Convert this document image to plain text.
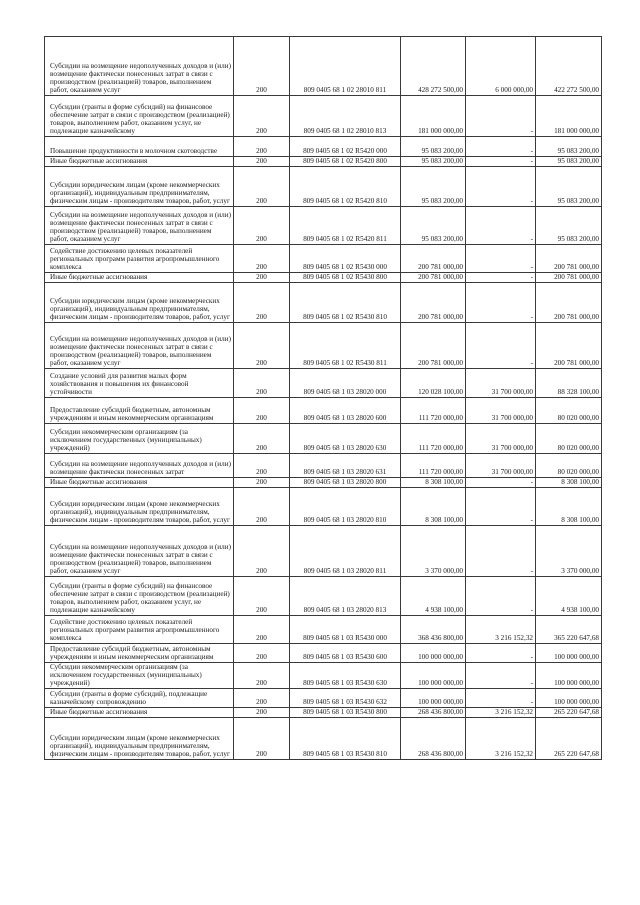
Субсидии на возмещение недополученных доходов и (или) возмещение фактически понесенных затрат в связи с производством (реализацией) товаров, выполнением работ, оказанием услуг	200	809 0405 68 1 02 28010 811	428 272 500,00	6 000 000,00	422 272 500,00
Субсидии (гранты в форме субсидий) на финансовое обеспечение затрат в связи с производством (реализацией) товаров, выполнением работ, оказанием услуг, не подлежащие казначейскому	200	809 0405 68 1 02 28010 813	181 000 000,00	-	181 000 000,00
Повышение продуктивности в молочном скотоводстве	200	809 0405 68 1 02 R5420 000	95 083 200,00	-	95 083 200,00
Иные бюджетные ассигнования	200	809 0405 68 1 02 R5420 800	95 083 200,00	-	95 083 200,00
Субсидии юридическим лицам (кроме некоммерческих организаций), индивидуальным предпринимателям, физическим лицам - производителям товаров, работ, услуг	200	809 0405 68 1 02 R5420 810	95 083 200,00	-	95 083 200,00
Субсидии на возмещение недополученных доходов и (или) возмещение фактически понесенных затрат в связи с производством (реализацией) товаров, выполнением работ, оказанием услуг	200	809 0405 68 1 02 R5420 811	95 083 200,00	-	95 083 200,00
Содействие достижению целевых показателей региональных программ развития агропромышленного комплекса	200	809 0405 68 1 02 R5430 000	200 781 000,00	-	200 781 000,00
Иные бюджетные ассигнования	200	809 0405 68 1 02 R5430 800	200 781 000,00	-	200 781 000,00
Субсидии юридическим лицам (кроме некоммерческих организаций), индивидуальным предпринимателям, физическим лицам - производителям товаров, работ, услуг	200	809 0405 68 1 02 R5430 810	200 781 000,00	-	200 781 000,00
Субсидии на возмещение недополученных доходов и (или) возмещение фактически понесенных затрат в связи с производством (реализацией) товаров, выполнением работ, оказанием услуг	200	809 0405 68 1 02 R5430 811	200 781 000,00	-	200 781 000,00
Создание условий для развития малых форм хозяйствования и повышения их финансовой устойчивости	200	809 0405 68 1 03 28020 000	120 028 100,00	31 700 000,00	88 328 100,00
Предоставление субсидий бюджетным, автономным учреждениям и иным некоммерческим организациям	200	809 0405 68 1 03 28020 600	111 720 000,00	31 700 000,00	80 020 000,00
Субсидии некоммерческим организациям (за исключением государственных (муниципальных) учреждений)	200	809 0405 68 1 03 28020 630	111 720 000,00	31 700 000,00	80 020 000,00
Субсидии на возмещение недополученных доходов и (или) возмещение фактически понесенных затрат	200	809 0405 68 1 03 28020 631	111 720 000,00	31 700 000,00	80 020 000,00
Иные бюджетные ассигнования	200	809 0405 68 1 03 28020 800	8 308 100,00	-	8 308 100,00
Субсидии юридическим лицам (кроме некоммерческих организаций), индивидуальным предпринимателям, физическим лицам - производителям товаров, работ, услуг	200	809 0405 68 1 03 28020 810	8 308 100,00	-	8 308 100,00
Субсидии на возмещение недополученных доходов и (или) возмещение фактически понесенных затрат в связи с производством (реализацией) товаров, выполнением работ, оказанием услуг	200	809 0405 68 1 03 28020 811	3 370 000,00	-	3 370 000,00
Субсидии (гранты в форме субсидий) на финансовое обеспечение затрат в связи с производством (реализацией) товаров, выполнением работ, оказанием услуг, не подлежащие казначейскому	200	809 0405 68 1 03 28020 813	4 938 100,00	-	4 938 100,00
Содействие достижению целевых показателей региональных программ развития агропромышленного комплекса	200	809 0405 68 1 03 R5430 000	368 436 800,00	3 216 152,32	365 220 647,68
Предоставление субсидий бюджетным, автономным учреждениям и иным некоммерческим организациям	200	809 0405 68 1 03 R5430 600	100 000 000,00	-	100 000 000,00
Субсидии некоммерческим организациям (за исключением государственных (муниципальных) учреждений)	200	809 0405 68 1 03 R5430 630	100 000 000,00	-	100 000 000,00
Субсидии (гранты в форме субсидий), подлежащие казначейскому сопровождению	200	809 0405 68 1 03 R5430 632	100 000 000,00	-	100 000 000,00
Иные бюджетные ассигнования	200	809 0405 68 1 03 R5430 800	268 436 800,00	3 216 152,32	265 220 647,68
Субсидии юридическим лицам (кроме некоммерческих организаций), индивидуальным предпринимателям, физическим лицам - производителям товаров, работ, услуг	200	809 0405 68 1 03 R5430 810	268 436 800,00	3 216 152,32	265 220 647,68
